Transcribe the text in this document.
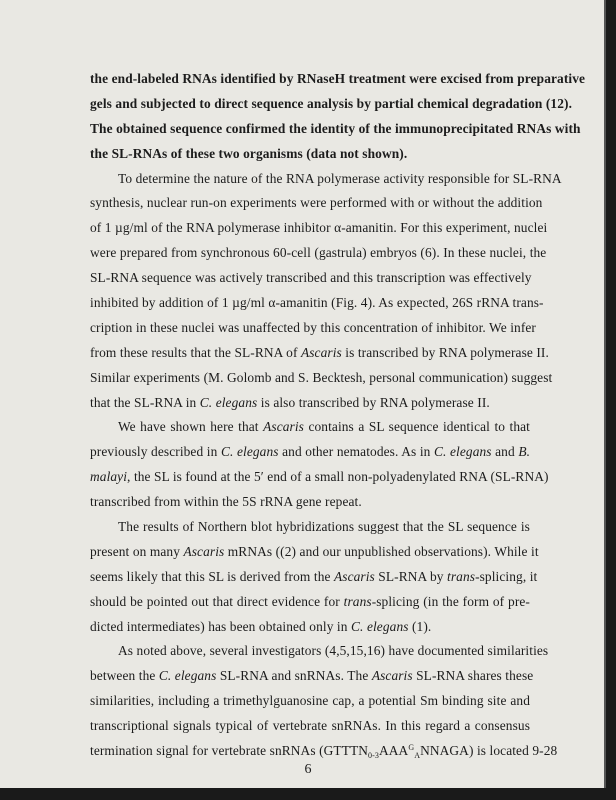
the end-labeled RNAs identified by RNaseH treatment were excised from preparative
gels and subjected to direct sequence analysis by partial chemical degradation (12).
The obtained sequence confirmed the identity of the immunoprecipitated RNAs with
the SL-RNAs of these two organisms (data not shown).
To determine the nature of the RNA polymerase activity responsible for SL-RNA
synthesis, nuclear run-on experiments were performed with or without the addition
of 1 µg/ml of the RNA polymerase inhibitor α-amanitin. For this experiment, nuclei
were prepared from synchronous 60-cell (gastrula) embryos (6). In these nuclei, the
SL-RNA sequence was actively transcribed and this transcription was effectively
inhibited by addition of 1 µg/ml α-amanitin (Fig. 4). As expected, 26S rRNA trans-
cription in these nuclei was unaffected by this concentration of inhibitor. We infer
from these results that the SL-RNA of Ascaris is transcribed by RNA polymerase II.
Similar experiments (M. Golomb and S. Becktesh, personal communication) suggest
that the SL-RNA in C. elegans is also transcribed by RNA polymerase II.
We have shown here that Ascaris contains a SL sequence identical to that
previously described in C. elegans and other nematodes. As in C. elegans and B.
malayi, the SL is found at the 5′ end of a small non-polyadenylated RNA (SL-RNA)
transcribed from within the 5S rRNA gene repeat.
The results of Northern blot hybridizations suggest that the SL sequence is
present on many Ascaris mRNAs ((2) and our unpublished observations). While it
seems likely that this SL is derived from the Ascaris SL-RNA by trans-splicing, it
should be pointed out that direct evidence for trans-splicing (in the form of pre-
dicted intermediates) has been obtained only in C. elegans (1).
As noted above, several investigators (4,5,15,16) have documented similarities
between the C. elegans SL-RNA and snRNAs. The Ascaris SL-RNA shares these
similarities, including a trimethylguanosine cap, a potential Sm binding site and
transcriptional signals typical of vertebrate snRNAs. In this regard a consensus
termination signal for vertebrate snRNAs $(GTTTN_{0-3}AAA^G_ANNAGA)$ is located 9-28
6
